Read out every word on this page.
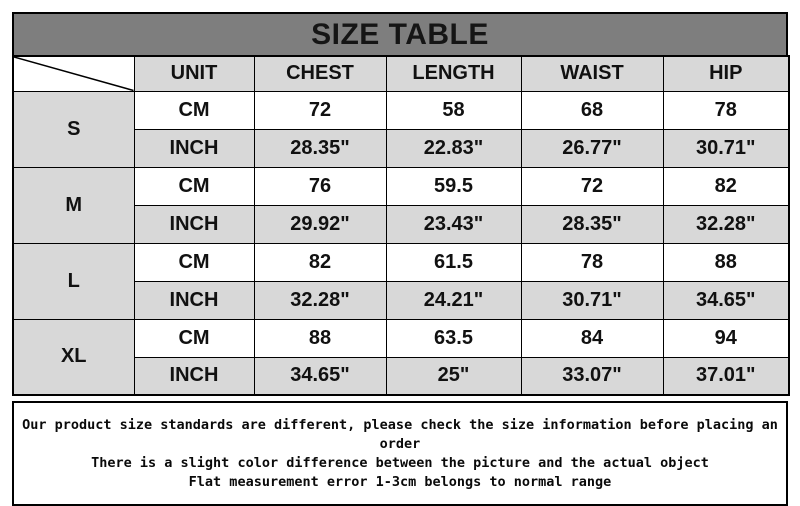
SIZE TABLE
	UNIT	CHEST	LENGTH	WAIST	HIP
S	CM	72	58	68	78
	INCH	28.35"	22.83"	26.77"	30.71"
M	CM	76	59.5	72	82
	INCH	29.92"	23.43"	28.35"	32.28"
L	CM	82	61.5	78	88
	INCH	32.28"	24.21"	30.71"	34.65"
XL	CM	88	63.5	84	94
	INCH	34.65"	25"	33.07"	37.01"
Our product size standards are different, please check the size information before placing an order
There is a slight color difference between the picture and the actual object
Flat measurement error 1-3cm belongs to normal range
